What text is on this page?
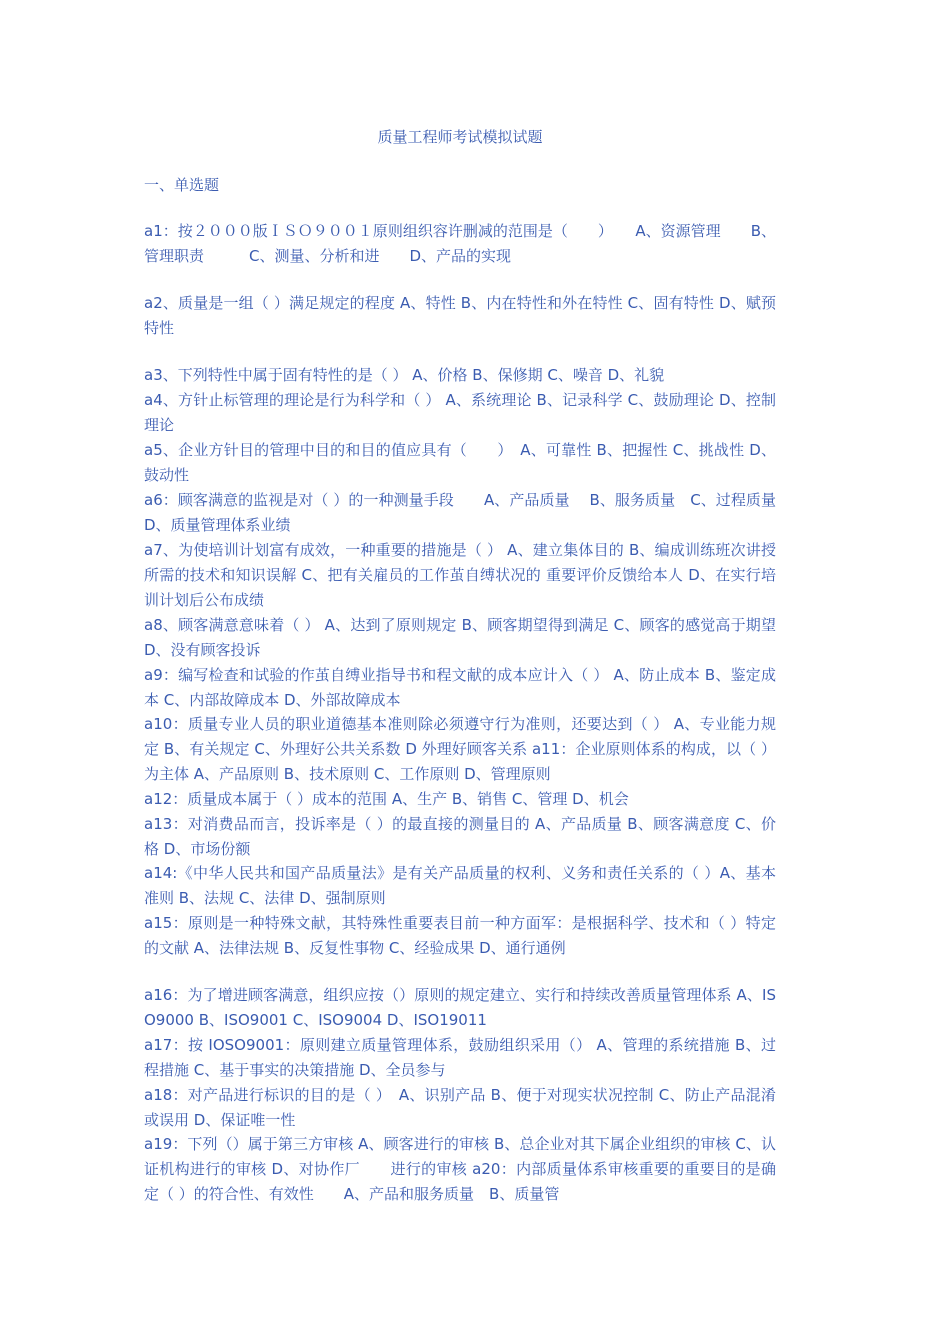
质量工程师考试模拟试题
一、单选题
a1：按２０００版ＩＳＯ９００１原则组织容许删减的范围是（　　）　　A、资源管理　　B、管理职责　　　C、测量、分析和进　　D、产品的实现
a2、质量是一组（ ）满足规定的程度 A、特性 B、内在特性和外在特性 C、固有特性 D、赋预特性
a3、下列特性中属于固有特性的是（ ） A、价格 B、保修期 C、噪音 D、礼貌
a4、方针止标管理的理论是行为科学和（ ） A、系统理论 B、记录科学 C、鼓励理论 D、控制理论
a5、企业方针目的管理中目的和目的值应具有（　　）　A、可靠性 B、把握性 C、挑战性 D、鼓动性
a6：顾客满意的监视是对（ ）的一种测量手段　　A、产品质量　 B、服务质量　C、过程质量　　D、质量管理体系业绩
a7、为使培训计划富有成效，一种重要的措施是（ ） A、建立集体目的 B、编成训练班次讲授所需的技术和知识误解 C、把有关雇员的工作茧自缚状况的 重要评价反馈给本人 D、在实行培训计划后公布成绩
a8、顾客满意意味着（ ） A、达到了原则规定 B、顾客期望得到满足 C、顾客的感觉高于期望 D、没有顾客投诉
a9：编写检查和试验的作茧自缚业指导书和程文献的成本应计入（ ） A、防止成本 B、鉴定成本 C、内部故障成本 D、外部故障成本
a10：质量专业人员的职业道德基本准则除必须遵守行为准则，还要达到（ ） A、专业能力规定 B、有关规定 C、外理好公共关系数 D 外理好顾客关系 a11：企业原则体系的构成，以（ ）为主体 A、产品原则 B、技术原则 C、工作原则 D、管理原则
a12：质量成本属于（ ）成本的范围 A、生产 B、销售 C、管理 D、机会
a13：对消费品而言，投诉率是（ ）的最直接的测量目的 A、产品质量 B、顾客满意度 C、价格 D、市场份额
a14:《中华人民共和国产品质量法》是有关产品质量的权利、义务和责任关系的（ ）A、基本准则 B、法规 C、法律 D、强制原则
a15：原则是一种特殊文献，其特殊性重要表目前一种方面军：是根据科学、技术和（ ）特定的文献 A、法律法规 B、反复性事物 C、经验成果 D、通行通例
a16：为了增进顾客满意，组织应按（）原则的规定建立、实行和持续改善质量管理体系 A、ISO9000 B、ISO9001 C、ISO9004 D、ISO19011
a17：按 IOSO9001：原则建立质量管理体系，鼓励组织采用（） A、管理的系统措施 B、过程措施 C、基于事实的决策措施 D、全员参与
a18：对产品进行标识的目的是（ ）　A、识别产品 B、便于对现实状况控制 C、防止产品混淆或误用 D、保证唯一性
a19：下列（）属于第三方审核 A、顾客进行的审核 B、总企业对其下属企业组织的审核 C、认证机构进行的审核 D、对协作厂　　进行的审核 a20：内部质量体系审核重要的重要目的是确定（ ）的符合性、有效性　　A、产品和服务质量　B、质量管
